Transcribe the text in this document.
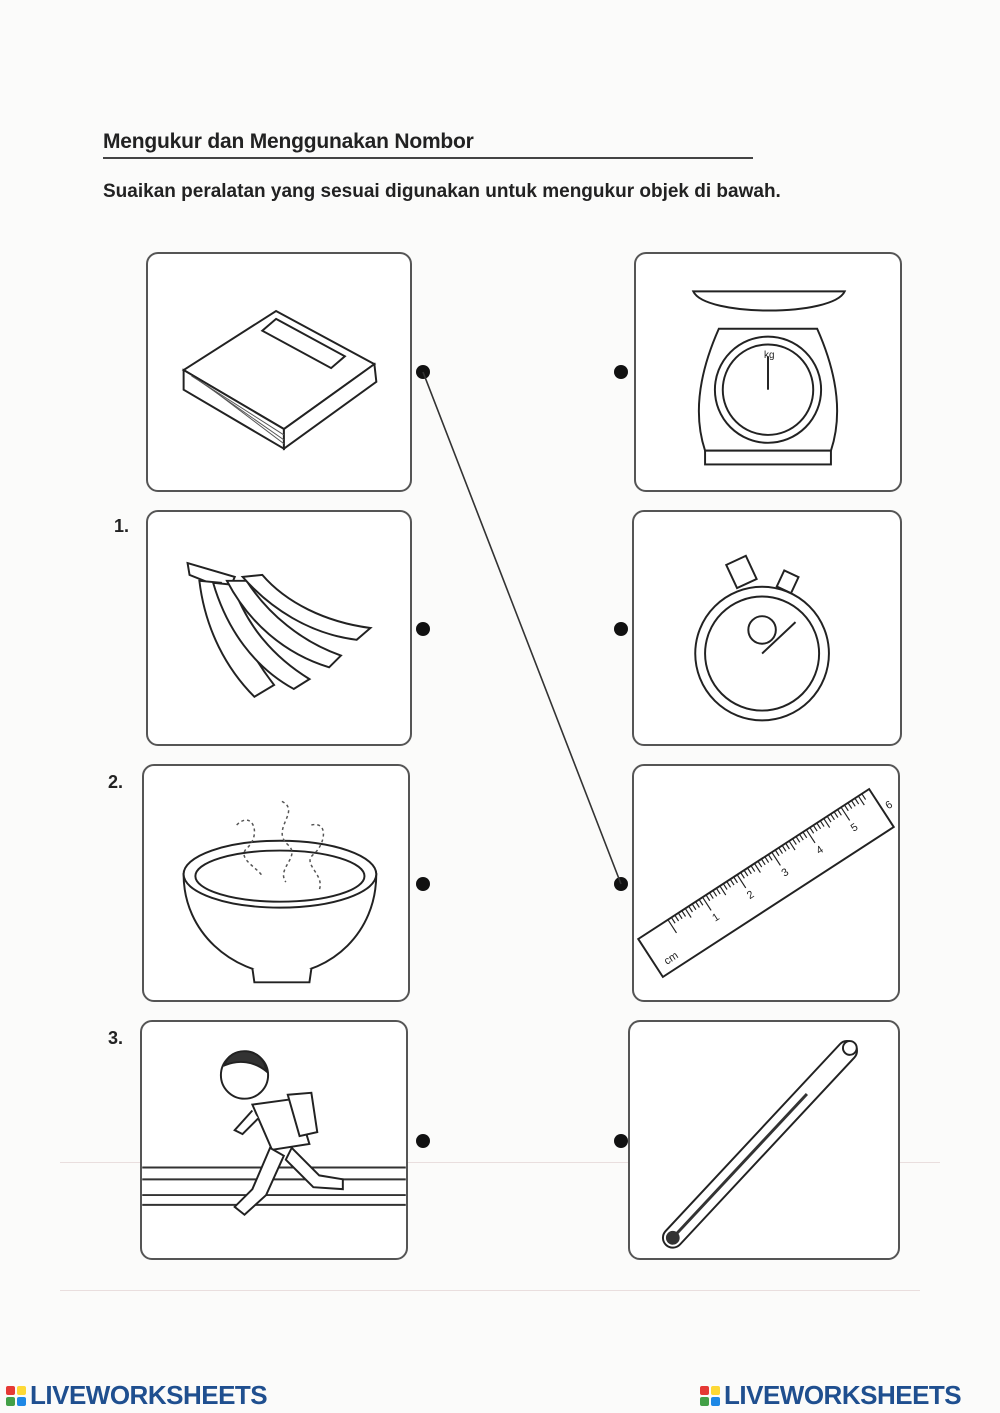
Mengukur dan Menggunakan Nombor
Suaikan peralatan yang sesuai digunakan untuk mengukur objek di bawah.
1.
2.
3.
kg
cm
1
2
3
4
5
6
LIVEWORKSHEETS	LIVEWORKSHEETS
